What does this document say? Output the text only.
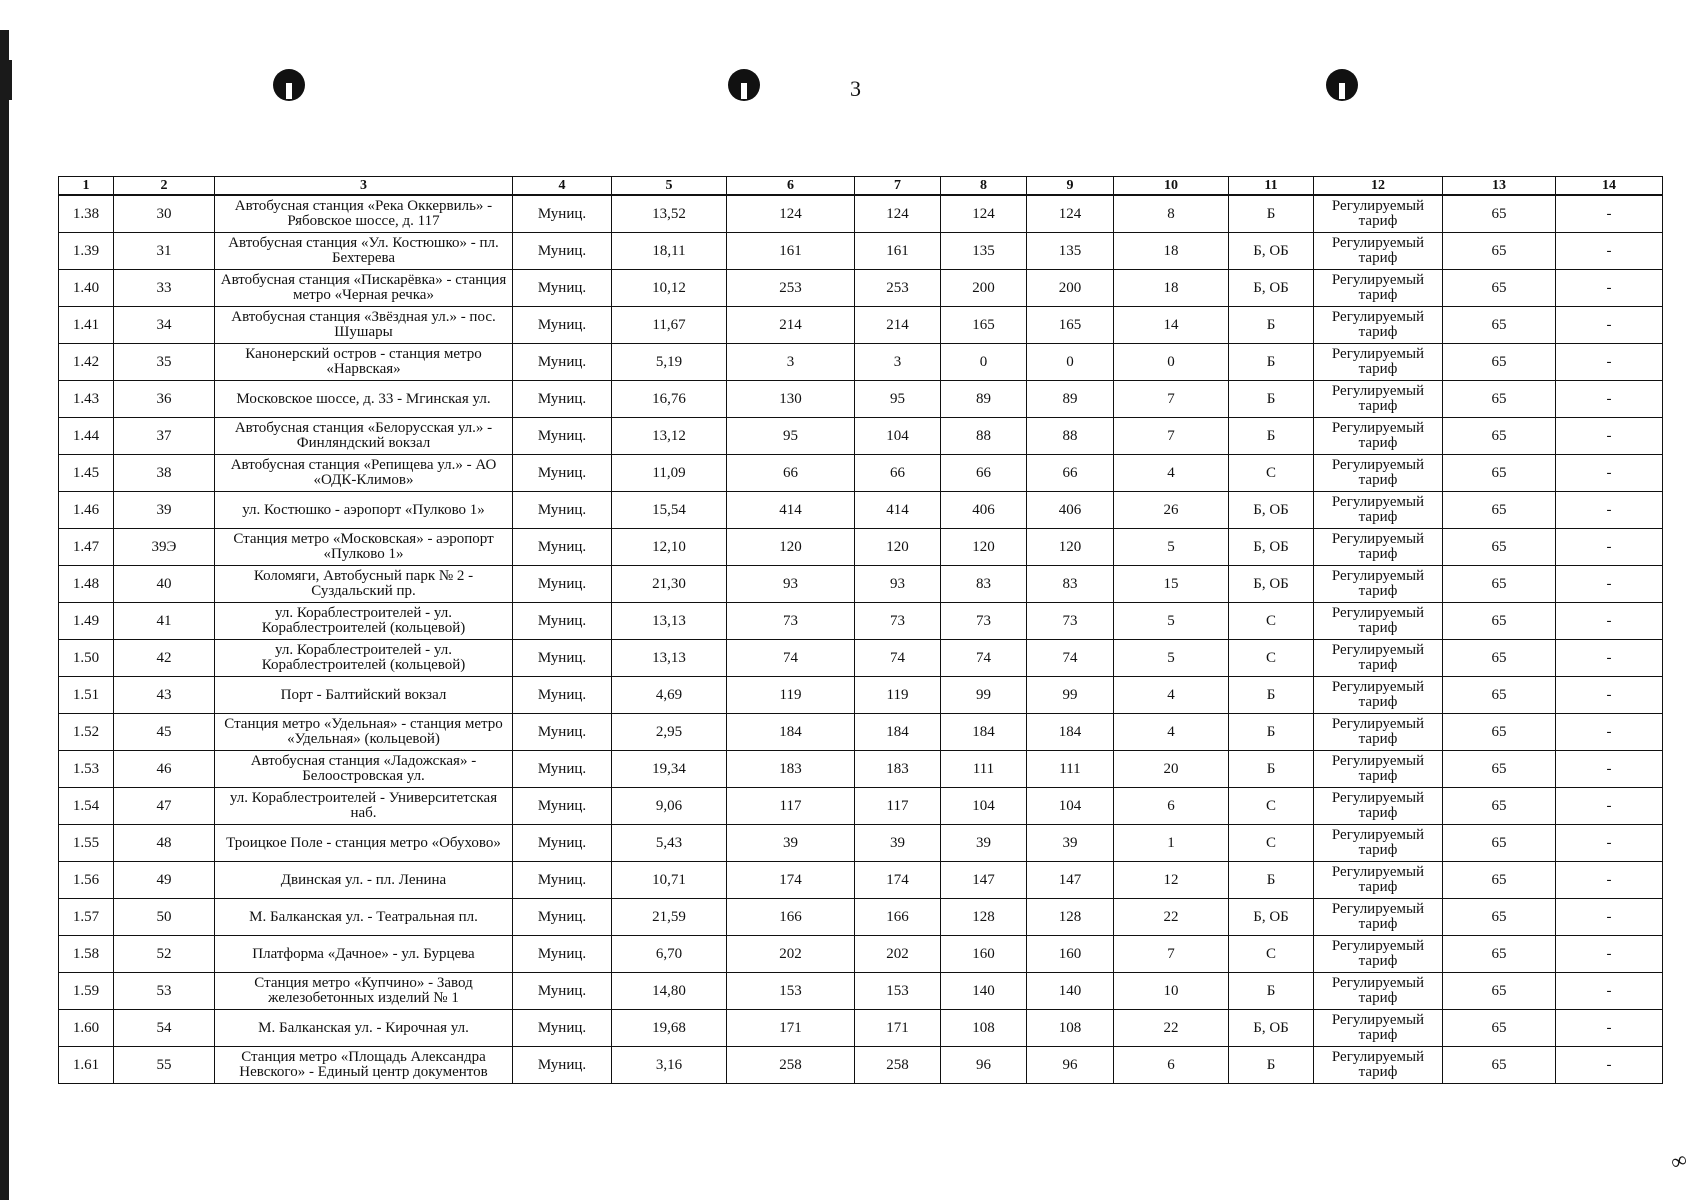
3
∞
1	2	3	4	5	6	7	8	9	10	11	12	13	14
1.38	30	Автобусная станция «Река Оккервиль» - Рябовское шоссе, д. 117	Муниц.	13,52	124	124	124	124	8	Б	Регулируемый тариф	65	-
1.39	31	Автобусная станция «Ул. Костюшко» - пл. Бехтерева	Муниц.	18,11	161	161	135	135	18	Б, ОБ	Регулируемый тариф	65	-
1.40	33	Автобусная станция «Пискарёвка» - станция метро «Черная речка»	Муниц.	10,12	253	253	200	200	18	Б, ОБ	Регулируемый тариф	65	-
1.41	34	Автобусная станция «Звёздная ул.» - пос. Шушары	Муниц.	11,67	214	214	165	165	14	Б	Регулируемый тариф	65	-
1.42	35	Канонерский остров - станция метро «Нарвская»	Муниц.	5,19	3	3	0	0	0	Б	Регулируемый тариф	65	-
1.43	36	Московское шоссе, д. 33 - Мгинская ул.	Муниц.	16,76	130	95	89	89	7	Б	Регулируемый тариф	65	-
1.44	37	Автобусная станция «Белорусская ул.» - Финляндский вокзал	Муниц.	13,12	95	104	88	88	7	Б	Регулируемый тариф	65	-
1.45	38	Автобусная станция «Репищева ул.» - АО «ОДК-Климов»	Муниц.	11,09	66	66	66	66	4	С	Регулируемый тариф	65	-
1.46	39	ул. Костюшко - аэропорт «Пулково 1»	Муниц.	15,54	414	414	406	406	26	Б, ОБ	Регулируемый тариф	65	-
1.47	39Э	Станция метро «Московская» - аэропорт «Пулково 1»	Муниц.	12,10	120	120	120	120	5	Б, ОБ	Регулируемый тариф	65	-
1.48	40	Коломяги, Автобусный парк № 2 - Суздальский пр.	Муниц.	21,30	93	93	83	83	15	Б, ОБ	Регулируемый тариф	65	-
1.49	41	ул. Кораблестроителей - ул. Кораблестроителей (кольцевой)	Муниц.	13,13	73	73	73	73	5	С	Регулируемый тариф	65	-
1.50	42	ул. Кораблестроителей - ул. Кораблестроителей (кольцевой)	Муниц.	13,13	74	74	74	74	5	С	Регулируемый тариф	65	-
1.51	43	Порт - Балтийский вокзал	Муниц.	4,69	119	119	99	99	4	Б	Регулируемый тариф	65	-
1.52	45	Станция метро «Удельная» - станция метро «Удельная» (кольцевой)	Муниц.	2,95	184	184	184	184	4	Б	Регулируемый тариф	65	-
1.53	46	Автобусная станция «Ладожская» - Белоостровская ул.	Муниц.	19,34	183	183	111	111	20	Б	Регулируемый тариф	65	-
1.54	47	ул. Кораблестроителей - Университетская наб.	Муниц.	9,06	117	117	104	104	6	С	Регулируемый тариф	65	-
1.55	48	Троицкое Поле - станция метро «Обухово»	Муниц.	5,43	39	39	39	39	1	С	Регулируемый тариф	65	-
1.56	49	Двинская ул. - пл. Ленина	Муниц.	10,71	174	174	147	147	12	Б	Регулируемый тариф	65	-
1.57	50	М. Балканская ул. - Театральная пл.	Муниц.	21,59	166	166	128	128	22	Б, ОБ	Регулируемый тариф	65	-
1.58	52	Платформа «Дачное» - ул. Бурцева	Муниц.	6,70	202	202	160	160	7	С	Регулируемый тариф	65	-
1.59	53	Станция метро «Купчино» - Завод железобетонных изделий № 1	Муниц.	14,80	153	153	140	140	10	Б	Регулируемый тариф	65	-
1.60	54	М. Балканская ул. - Кирочная ул.	Муниц.	19,68	171	171	108	108	22	Б, ОБ	Регулируемый тариф	65	-
1.61	55	Станция метро «Площадь Александра Невского» - Единый центр документов	Муниц.	3,16	258	258	96	96	6	Б	Регулируемый тариф	65	-
